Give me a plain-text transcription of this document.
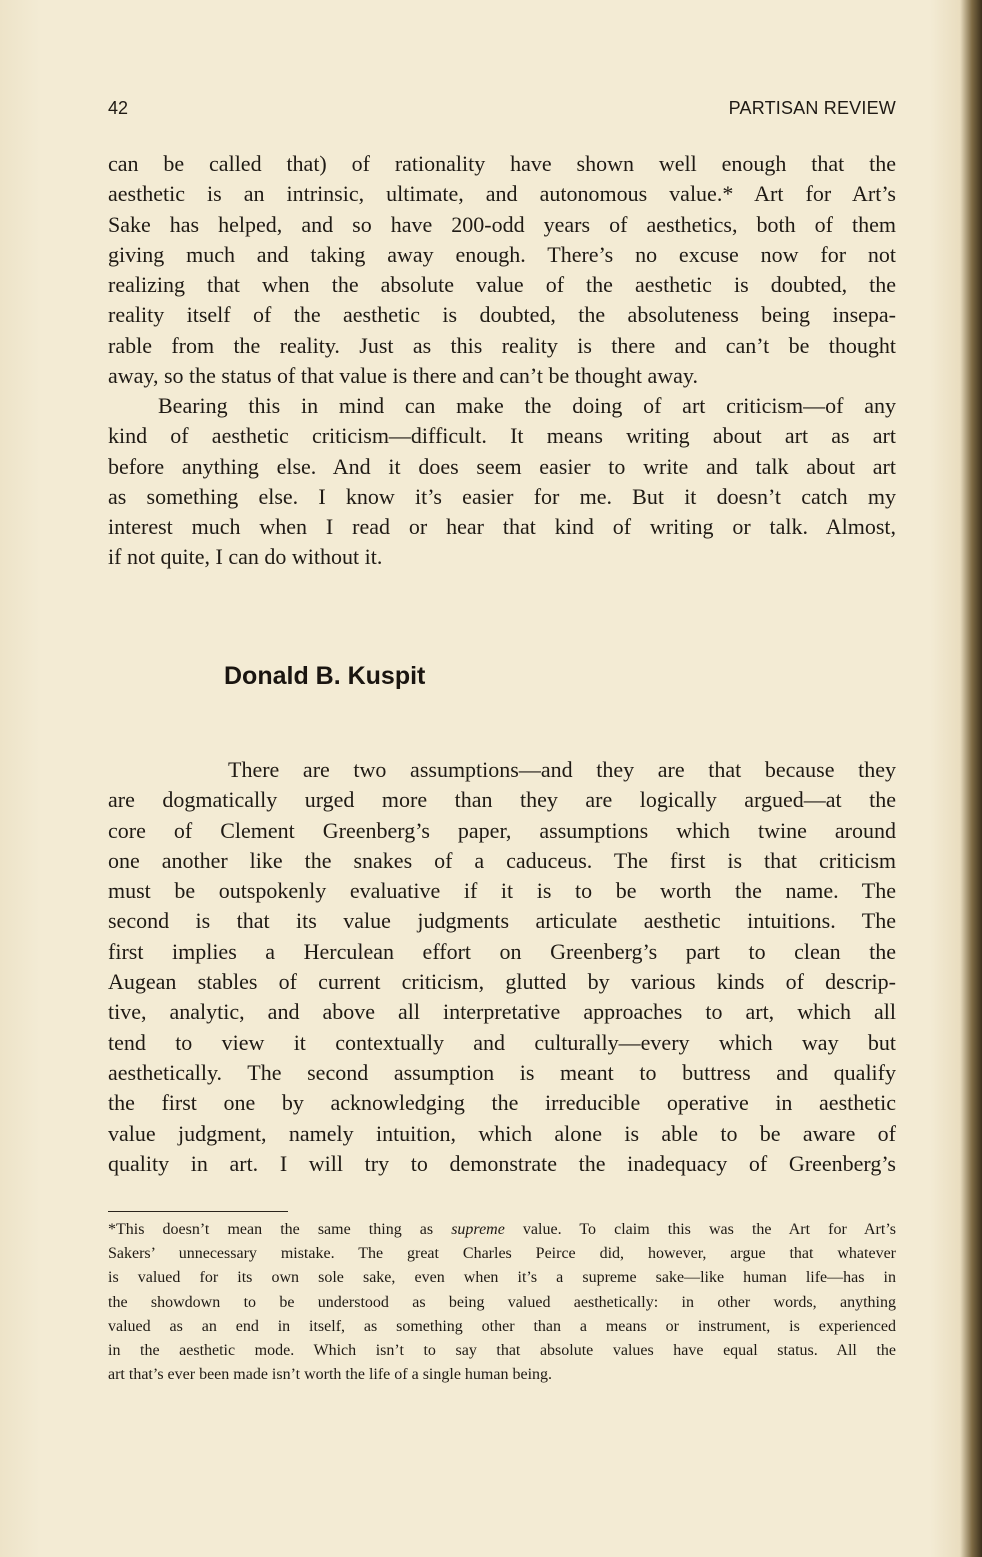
42	PARTISAN REVIEW
can be called that) of rationality have shown well enough that the
aesthetic is an intrinsic, ultimate, and autonomous value.* Art for Art’s
Sake has helped, and so have 200-odd years of aesthetics, both of them
giving much and taking away enough. There’s no excuse now for not
realizing that when the absolute value of the aesthetic is doubted, the
reality itself of the aesthetic is doubted, the absoluteness being insepa-
rable from the reality. Just as this reality is there and can’t be thought
away, so the status of that value is there and can’t be thought away.
Bearing this in mind can make the doing of art criticism—of any
kind of aesthetic criticism—difficult. It means writing about art as art
before anything else. And it does seem easier to write and talk about art
as something else. I know it’s easier for me. But it doesn’t catch my
interest much when I read or hear that kind of writing or talk. Almost,
if not quite, I can do without it.
Donald B. Kuspit
There are two assumptions—and they are that because they
are dogmatically urged more than they are logically argued—at the
core of Clement Greenberg’s paper, assumptions which twine around
one another like the snakes of a caduceus. The first is that criticism
must be outspokenly evaluative if it is to be worth the name. The
second is that its value judgments articulate aesthetic intuitions. The
first implies a Herculean effort on Greenberg’s part to clean the
Augean stables of current criticism, glutted by various kinds of descrip-
tive, analytic, and above all interpretative approaches to art, which all
tend to view it contextually and culturally—every which way but
aesthetically. The second assumption is meant to buttress and qualify
the first one by acknowledging the irreducible operative in aesthetic
value judgment, namely intuition, which alone is able to be aware of
quality in art. I will try to demonstrate the inadequacy of Greenberg’s
*This doesn’t mean the same thing as supreme value. To claim this was the Art for Art’s
Sakers’ unnecessary mistake. The great Charles Peirce did, however, argue that whatever
is valued for its own sole sake, even when it’s a supreme sake—like human life—has in
the showdown to be understood as being valued aesthetically: in other words, anything
valued as an end in itself, as something other than a means or instrument, is experienced
in the aesthetic mode. Which isn’t to say that absolute values have equal status. All the
art that’s ever been made isn’t worth the life of a single human being.
